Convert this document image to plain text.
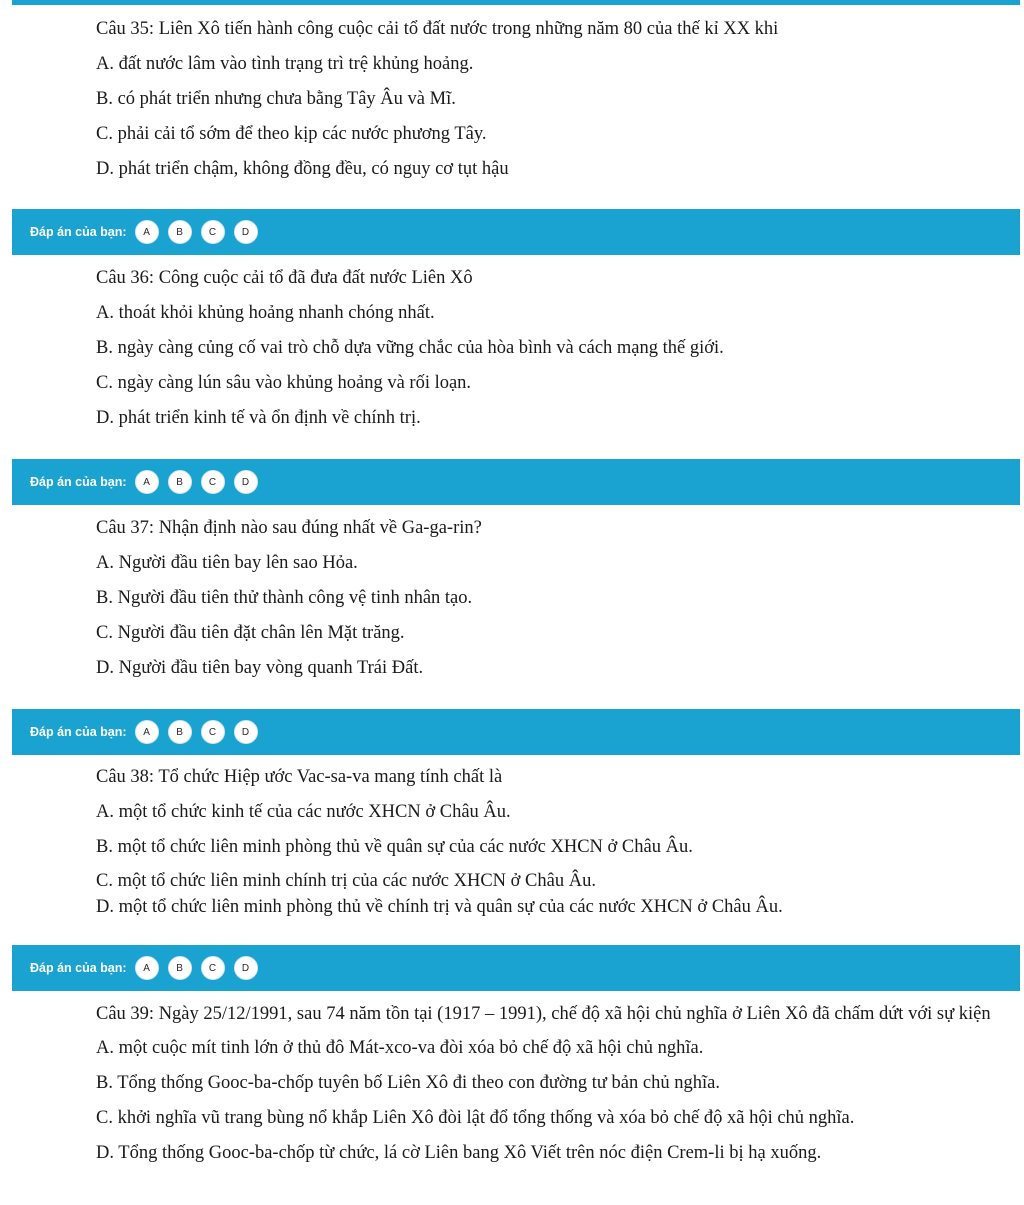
Câu 35: Liên Xô tiến hành công cuộc cải tổ đất nước trong những năm 80 của thế kỉ XX khi
A. đất nước lâm vào tình trạng trì trệ khủng hoảng.
B. có phát triển nhưng chưa bằng Tây Âu và Mĩ.
C. phải cải tổ sớm để theo kịp các nước phương Tây.
D. phát triển chậm, không đồng đều, có nguy cơ tụt hậu
Đáp án của bạn:	A	B	C	D
Câu 36: Công cuộc cải tổ đã đưa đất nước Liên Xô
A. thoát khỏi khủng hoảng nhanh chóng nhất.
B. ngày càng củng cố vai trò chỗ dựa vững chắc của hòa bình và cách mạng thế giới.
C. ngày càng lún sâu vào khủng hoảng và rối loạn.
D. phát triển kinh tế và ổn định về chính trị.
Đáp án của bạn:	A	B	C	D
Câu 37: Nhận định nào sau đúng nhất về Ga-ga-rin?
A. Người đầu tiên bay lên sao Hỏa.
B. Người đầu tiên thử thành công vệ tinh nhân tạo.
C. Người đầu tiên đặt chân lên Mặt trăng.
D. Người đầu tiên bay vòng quanh Trái Đất.
Đáp án của bạn:	A	B	C	D
Câu 38: Tổ chức Hiệp ước Vac-sa-va mang tính chất là
A. một tổ chức kinh tế của các nước XHCN ở Châu Âu.
B. một tổ chức liên minh phòng thủ về quân sự của các nước XHCN ở Châu Âu.
C. một tổ chức liên minh chính trị của các nước XHCN ở Châu Âu.
D. một tổ chức liên minh phòng thủ về chính trị và quân sự của các nước XHCN ở Châu Âu.
Đáp án của bạn:	A	B	C	D
Câu 39: Ngày 25/12/1991, sau 74 năm tồn tại (1917 – 1991), chế độ xã hội chủ nghĩa ở Liên Xô đã chấm dứt với sự kiện
A. một cuộc mít tinh lớn ở thủ đô Mát-xco-va đòi xóa bỏ chế độ xã hội chủ nghĩa.
B. Tổng thống Gooc-ba-chốp tuyên bố Liên Xô đi theo con đường tư bản chủ nghĩa.
C. khởi nghĩa vũ trang bùng nổ khắp Liên Xô đòi lật đổ tổng thống và xóa bỏ chế độ xã hội chủ nghĩa.
D. Tổng thống Gooc-ba-chốp từ chức, lá cờ Liên bang Xô Viết trên nóc điện Crem-li bị hạ xuống.
